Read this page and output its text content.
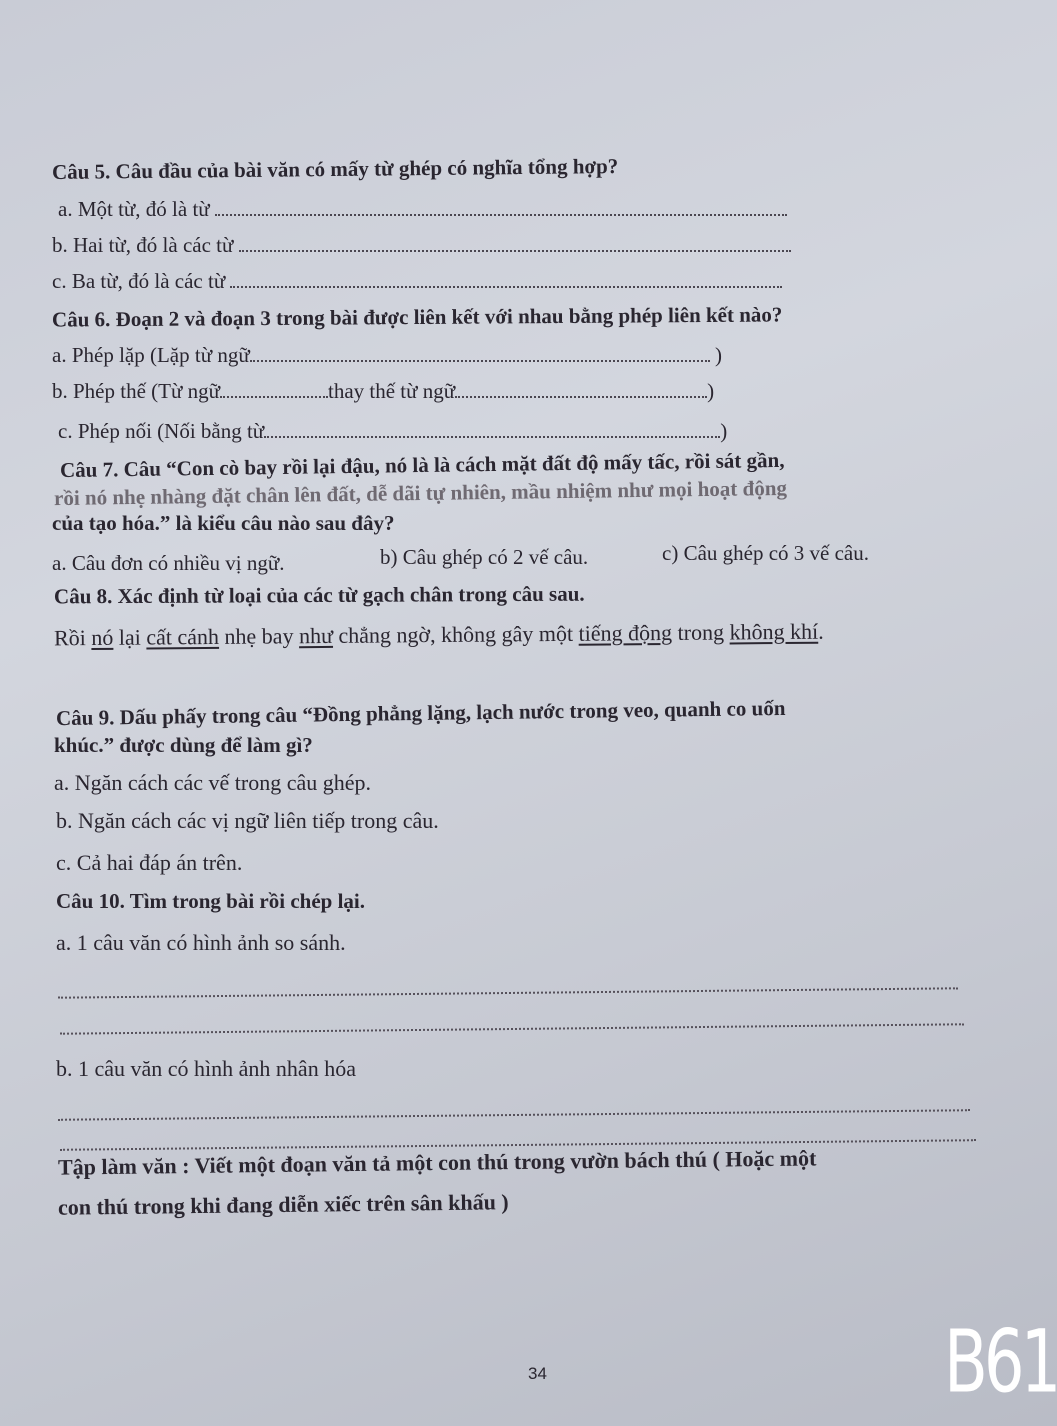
Câu 5. Câu đầu của bài văn có mấy từ ghép có nghĩa tổng hợp?
a. Một từ, đó là từ
b. Hai từ, đó là các từ
c. Ba từ, đó là các từ
Câu 6. Đoạn 2 và đoạn 3 trong bài được liên kết với nhau bằng phép liên kết nào?
a. Phép lặp (Lặp từ ngữ	)
b. Phép thế (Từ ngữ	thay thế từ ngữ	)
c. Phép nối (Nối bằng từ	)
Câu 7. Câu “Con cò bay rồi lại đậu, nó là là cách mặt đất độ mấy tấc, rồi sát gần,
rồi nó nhẹ nhàng đặt chân lên đất, dễ dãi tự nhiên, mầu nhiệm như mọi hoạt động
của tạo hóa.” là kiểu câu nào sau đây?
a. Câu đơn có nhiều vị ngữ.	b) Câu ghép có 2 vế câu.	c) Câu ghép có 3 vế câu.
Câu 8. Xác định từ loại của các từ gạch chân trong câu sau.
Rồi nó lại cất cánh nhẹ bay như chẳng ngờ, không gây một tiếng động trong không khí.
Câu 9. Dấu phấy trong câu “Đồng phẳng lặng, lạch nước trong veo, quanh co uốn
khúc.” được dùng để làm gì?
a. Ngăn cách các vế trong câu ghép.
b. Ngăn cách các vị ngữ liên tiếp trong câu.
c. Cả hai đáp án trên.
Câu 10. Tìm trong bài rồi chép lại.
a. 1 câu văn có hình ảnh so sánh.
b. 1 câu văn có hình ảnh nhân hóa
Tập làm văn : Viết một đoạn văn tả một con thú trong vườn bách thú ( Hoặc một
con thú trong khi đang diễn xiếc trên sân khấu )
34	B61
